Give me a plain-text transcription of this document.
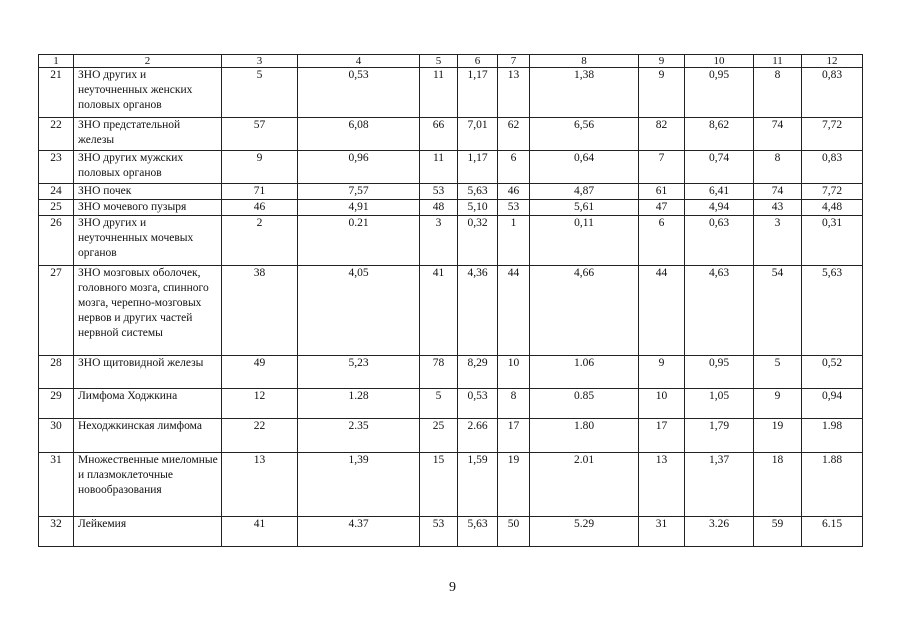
1	2	3	4	5	6	7	8	9	10	11	12
21	ЗНО других и неуточненных женских половых органов	5	0,53	11	1,17	13	1,38	9	0,95	8	0,83
22	ЗНО предстательной железы	57	6,08	66	7,01	62	6,56	82	8,62	74	7,72
23	ЗНО других мужских половых органов	9	0,96	11	1,17	6	0,64	7	0,74	8	0,83
24	ЗНО почек	71	7,57	53	5,63	46	4,87	61	6,41	74	7,72
25	ЗНО мочевого пузыря	46	4,91	48	5,10	53	5,61	47	4,94	43	4,48
26	ЗНО других и неуточненных мочевых органов	2	0.21	3	0,32	1	0,11	6	0,63	3	0,31
27	ЗНО мозговых оболочек, головного мозга, спинного мозга, черепно-мозговых нервов и других частей нервной системы	38	4,05	41	4,36	44	4,66	44	4,63	54	5,63
28	ЗНО щитовидной железы	49	5,23	78	8,29	10	1.06	9	0,95	5	0,52
29	Лимфома Ходжкина	12	1.28	5	0,53	8	0.85	10	1,05	9	0,94
30	Неходжкинская лимфома	22	2.35	25	2.66	17	1.80	17	1,79	19	1.98
31	Множественные миеломные и плазмоклеточные новообразования	13	1,39	15	1,59	19	2.01	13	1,37	18	1.88
32	Лейкемия	41	4.37	53	5,63	50	5.29	31	3.26	59	6.15
9
